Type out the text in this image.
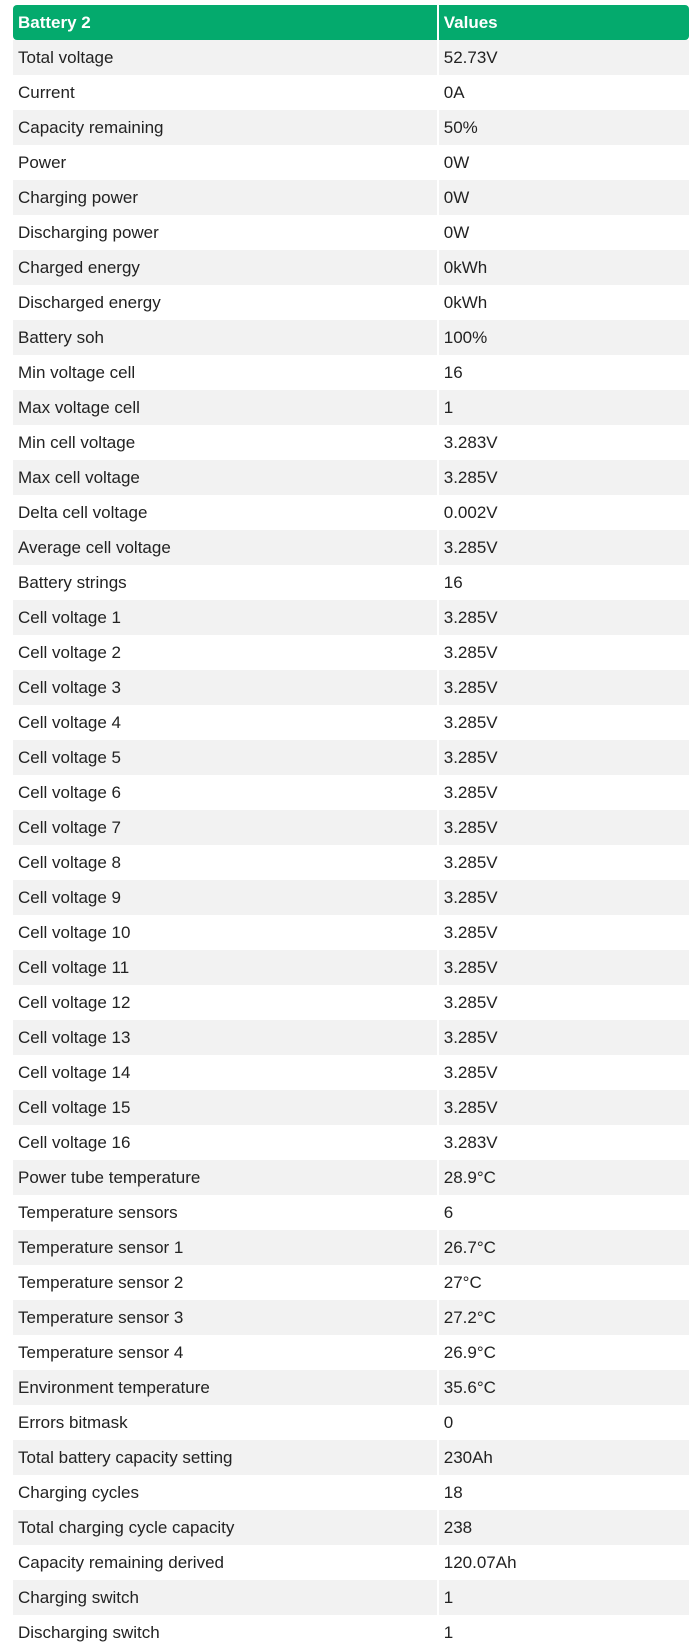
Battery 2	Values
Total voltage	52.73V
Current	0A
Capacity remaining	50%
Power	0W
Charging power	0W
Discharging power	0W
Charged energy	0kWh
Discharged energy	0kWh
Battery soh	100%
Min voltage cell	16
Max voltage cell	1
Min cell voltage	3.283V
Max cell voltage	3.285V
Delta cell voltage	0.002V
Average cell voltage	3.285V
Battery strings	16
Cell voltage 1	3.285V
Cell voltage 2	3.285V
Cell voltage 3	3.285V
Cell voltage 4	3.285V
Cell voltage 5	3.285V
Cell voltage 6	3.285V
Cell voltage 7	3.285V
Cell voltage 8	3.285V
Cell voltage 9	3.285V
Cell voltage 10	3.285V
Cell voltage 11	3.285V
Cell voltage 12	3.285V
Cell voltage 13	3.285V
Cell voltage 14	3.285V
Cell voltage 15	3.285V
Cell voltage 16	3.283V
Power tube temperature	28.9°C
Temperature sensors	6
Temperature sensor 1	26.7°C
Temperature sensor 2	27°C
Temperature sensor 3	27.2°C
Temperature sensor 4	26.9°C
Environment temperature	35.6°C
Errors bitmask	0
Total battery capacity setting	230Ah
Charging cycles	18
Total charging cycle capacity	238
Capacity remaining derived	120.07Ah
Charging switch	1
Discharging switch	1
